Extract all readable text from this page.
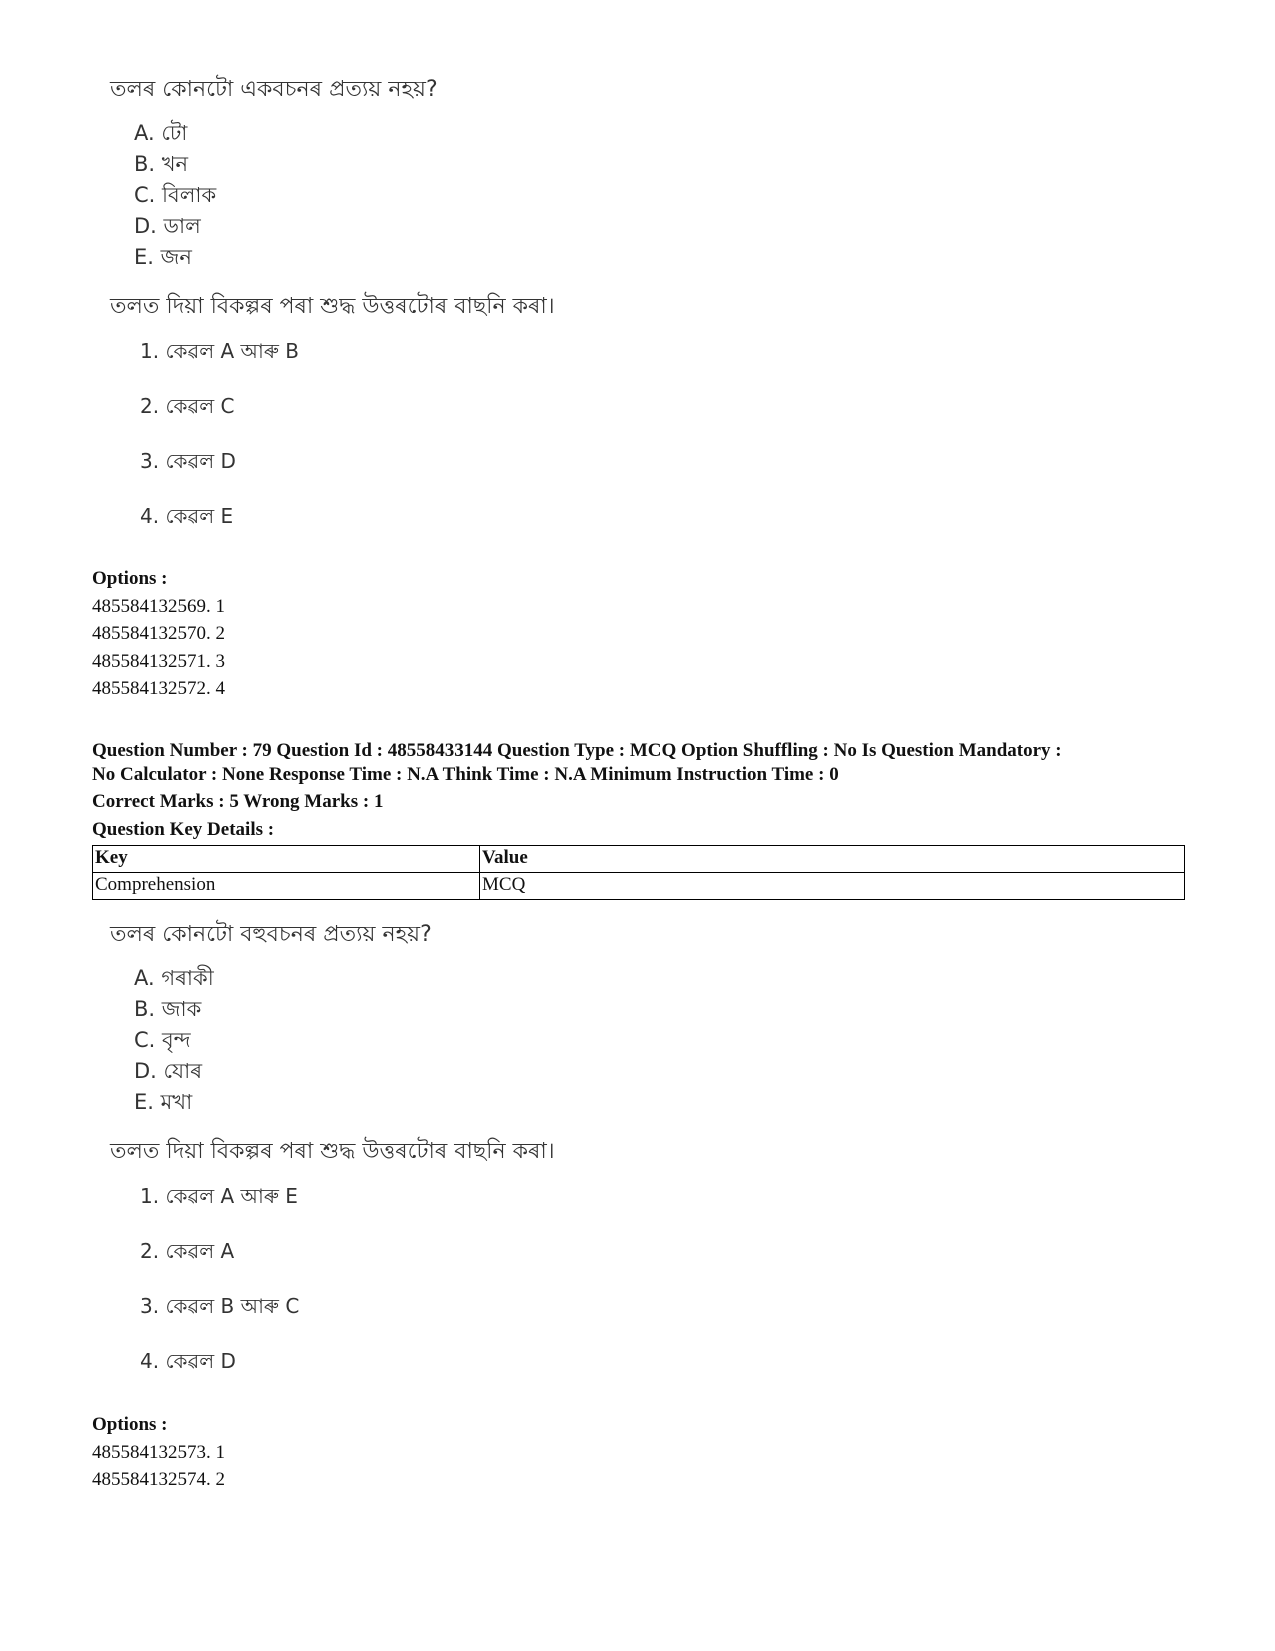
তলৰ কোনটো একবচনৰ প্ৰত্যয় নহয়?

A. টো
B. খন
C. বিলাক
D. ডাল
E. জন
তলত দিয়া বিকল্পৰ পৰা শুদ্ধ উত্তৰটোৰ বাছনি কৰা।
1. কেৱল A আৰু B
2. কেৱল C
3. কেৱল D
4. কেৱল E
Options :
485584132569. 1
485584132570. 2
485584132571. 3
485584132572. 4
Question Number : 79 Question Id : 48558433144 Question Type : MCQ Option Shuffling : No Is Question Mandatory :
No Calculator : None Response Time : N.A Think Time : N.A Minimum Instruction Time : 0
Correct Marks : 5 Wrong Marks : 1
Question Key Details :
Key	Value
Comprehension	MCQ

তলৰ কোনটো বহুবচনৰ প্ৰত্যয় নহয়?

A. গৰাকী
B. জাক
C. বৃন্দ
D. যোৰ
E. মখা
তলত দিয়া বিকল্পৰ পৰা শুদ্ধ উত্তৰটোৰ বাছনি কৰা।
1. কেৱল A আৰু E
2. কেৱল A
3. কেৱল B আৰু C
4. কেৱল D
Options :
485584132573. 1
485584132574. 2
